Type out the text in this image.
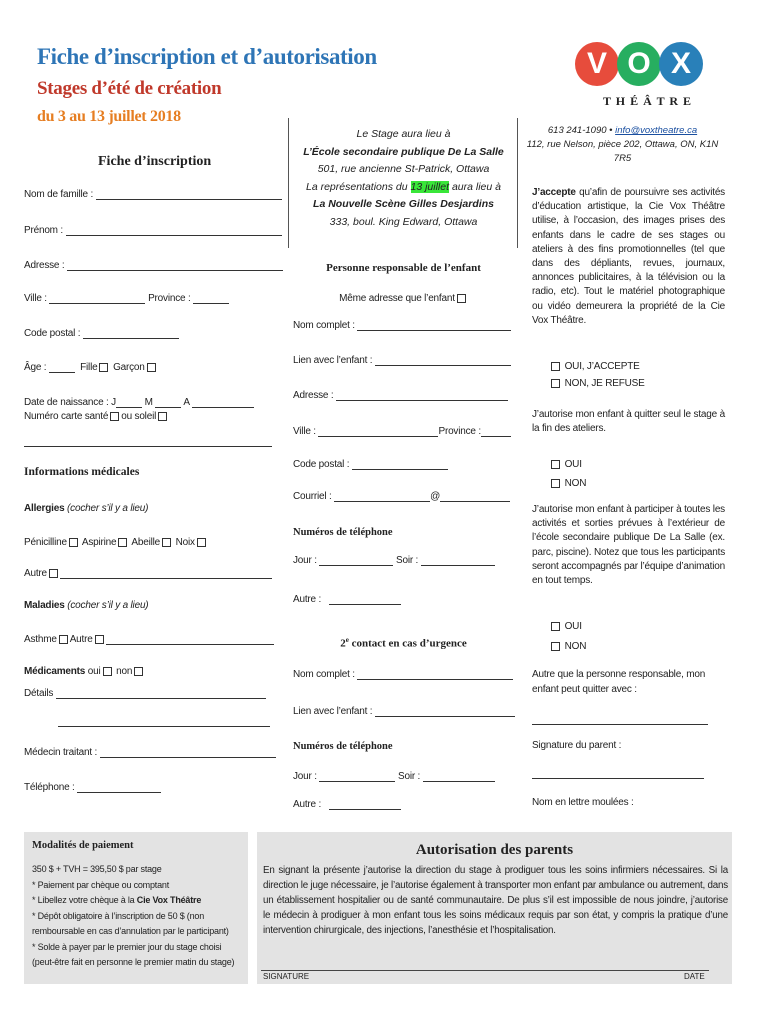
Fiche d’inscription et d’autorisation
Stages d’été de création
du 3 au 13 juillet 2018
V O X
T H É Â T R E
613 241-1090 • info@voxtheatre.ca
112, rue Nelson, pièce 202, Ottawa, ON, K1N 7R5
Le Stage aura lieu à
L’École secondaire publique De La Salle
501, rue ancienne St-Patrick, Ottawa
La représentations du 13 juillet aura lieu à
La Nouvelle Scène Gilles Desjardins
333, boul. King Edward, Ottawa
Fiche d’inscription
Nom de famille :
Prénom :
Adresse :
Ville :	Province :
Code postal :
Âge :	Fille Garçon
Date de naissance : J	M	A
Numéro carte santé ou soleil
Informations médicales
Allergies (cocher s’il y a lieu)
Pénicilline Aspirine Abeille Noix
Autre
Maladies (cocher s’il y a lieu)
Asthme Autre
Médicaments oui non
Détails
Médecin traitant :
Téléphone :
Personne responsable de l’enfant
Même adresse que l’enfant
Nom complet :
Lien avec l’enfant :
Adresse :
Ville :	Province :
Code postal :
Courriel :	@
Numéros de téléphone
Jour :	Soir :
Autre :
2e contact en cas d’urgence
Nom complet :
Lien avec l’enfant :
Numéros de téléphone
Jour :	Soir :
Autre :
J’accepte qu’afin de poursuivre ses activités d’éducation artistique, la Cie Vox Théâtre utilise, à l’occasion, des images prises des enfants dans le cadre de ses stages ou ateliers à des fins promotionnelles (tel que dans des dépliants, revues, journaux, annonces publicitaires, à la télévision ou la radio, etc). Tout le matériel photographique ou vidéo demeurera la propriété de la Cie Vox Théâtre.
OUI, J’ACCEPTE
NON, JE REFUSE
J’autorise mon enfant à quitter seul le stage à la fin des ateliers.
OUI
NON
J’autorise mon enfant à participer à toutes les activités et sorties prévues à l’extérieur de l’école secondaire publique De La Salle (ex. parc, piscine). Notez que tous les participants seront accompagnés par l’équipe d’animation en tout temps.
OUI
NON
Autre que la personne responsable, mon enfant peut quitter avec :
Signature du parent :
Nom en lettre moulées :
Modalités de paiement
350 $ + TVH = 395,50 $ par stage
* Paiement par chèque ou comptant
* Libellez votre chèque à la Cie Vox Théâtre
* Dépôt obligatoire à l’inscription de 50 $ (non remboursable en cas d’annulation par le participant)
* Solde à payer par le premier jour du stage choisi (peut-être fait en personne le premier matin du stage)
Autorisation des parents
En signant la présente j’autorise la direction du stage à prodiguer tous les soins infirmiers nécessaires. Si la direction le juge nécessaire, je l’autorise également à transporter mon enfant par ambulance ou autrement, dans un établissement hospitalier ou de santé communautaire. De plus s’il est impossible de nous joindre, j’autorise le médecin à prodiguer à mon enfant tous les soins médicaux requis par son état, y compris la pratique d’une intervention chirurgicale, des injections, l’anesthésie et l’hospitalisation.
SIGNATURE	DATE
